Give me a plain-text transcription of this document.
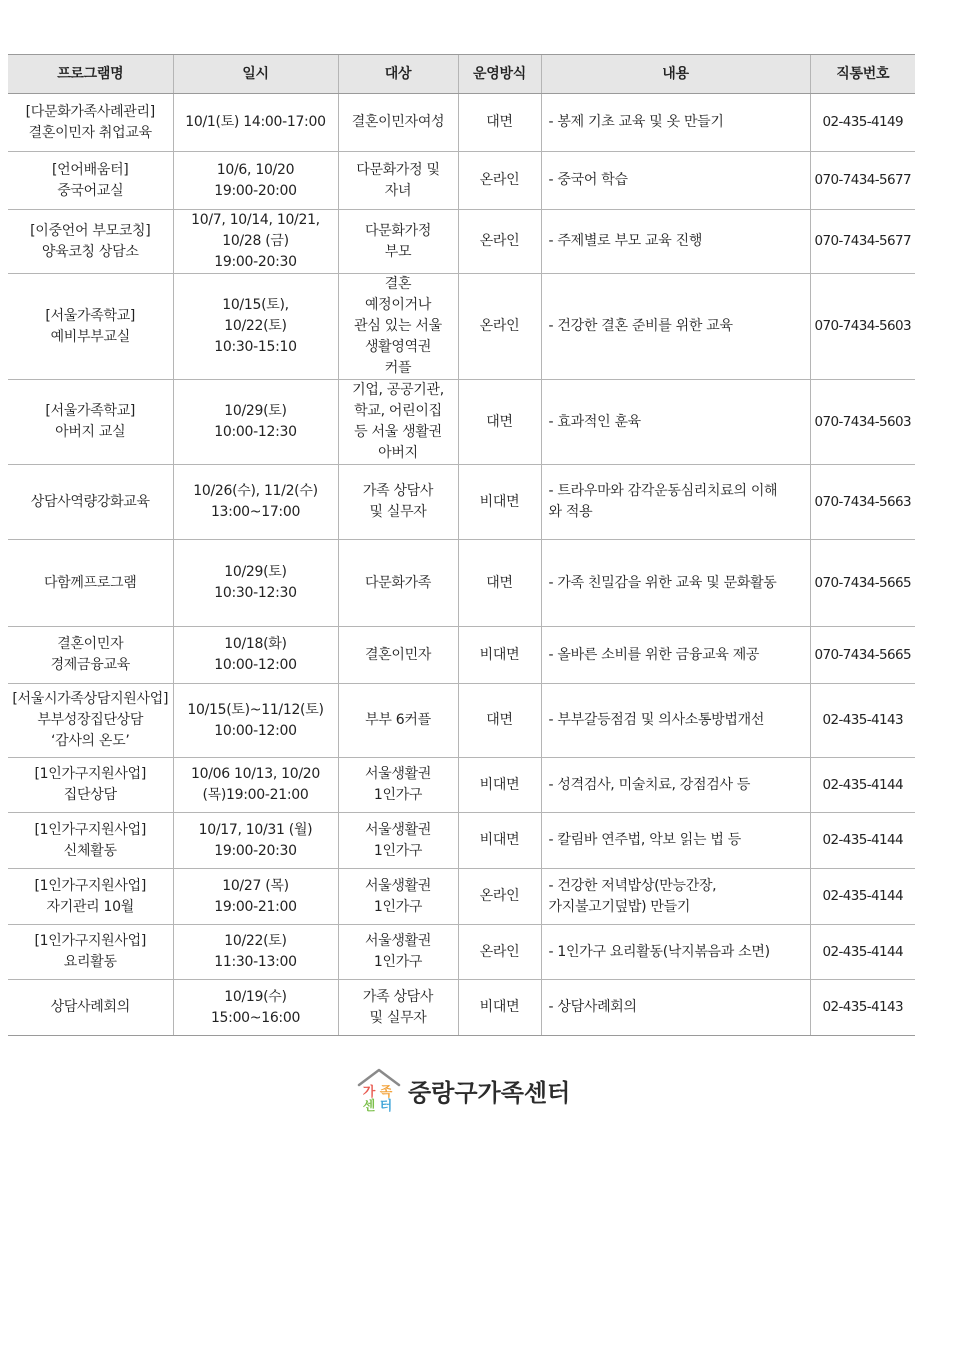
프로그램명	일시	대상	운영방식	내용	직통번호
[다문화가족사례관리]
결혼이민자 취업교육	10/1(토) 14:00-17:00	결혼이민자여성	대면	- 봉제 기초 교육 및 옷 만들기	02-435-4149
[언어배움터]
중국어교실	10/6, 10/20
19:00-20:00	다문화가정 및
자녀	온라인	- 중국어 학습	070-7434-5677
[이중언어 부모코칭]
양육코칭 상담소	10/7, 10/14, 10/21,
10/28 (금)
19:00-20:30	다문화가정
부모	온라인	- 주제별로 부모 교육 진행	070-7434-5677
[서울가족학교]
예비부부교실	10/15(토),
10/22(토)
10:30-15:10	결혼
예정이거나
관심 있는 서울
생활영역권
커플	온라인	- 건강한 결혼 준비를 위한 교육	070-7434-5603
[서울가족학교]
아버지 교실	10/29(토)
10:00-12:30	기업, 공공기관,
학교, 어린이집
등 서울 생활권
아버지	대면	- 효과적인 훈육	070-7434-5603
상담사역량강화교육	10/26(수), 11/2(수)
13:00~17:00	가족 상담사
및 실무자	비대면	- 트라우마와 감각운동심리치료의 이해
와 적용	070-7434-5663
다함께프로그램	10/29(토)
10:30-12:30	다문화가족	대면	- 가족 친밀감을 위한 교육 및 문화활동	070-7434-5665
결혼이민자
경제금융교육	10/18(화)
10:00-12:00	결혼이민자	비대면	- 올바른 소비를 위한 금융교육 제공	070-7434-5665
[서울시가족상담지원사업]
부부성장집단상담
‘감사의 온도’	10/15(토)~11/12(토)
10:00-12:00	부부 6커플	대면	- 부부갈등점검 및 의사소통방법개선	02-435-4143
[1인가구지원사업]
집단상담	10/06 10/13, 10/20
(목)19:00-21:00	서울생활권
1인가구	비대면	- 성격검사, 미술치료, 강점검사 등	02-435-4144
[1인가구지원사업]
신체활동	10/17, 10/31 (월)
19:00-20:30	서울생활권
1인가구	비대면	- 칼림바 연주법, 악보 읽는 법 등	02-435-4144
[1인가구지원사업]
자기관리 10월	10/27 (목)
19:00-21:00	서울생활권
1인가구	온라인	- 건강한 저녁밥상(만능간장,
가지불고기덮밥) 만들기	02-435-4144
[1인가구지원사업]
요리활동	10/22(토)
11:30-13:00	서울생활권
1인가구	온라인	- 1인가구 요리활동(낙지볶음과 소면)	02-435-4144
상담사례회의	10/19(수)
15:00~16:00	가족 상담사
및 실무자	비대면	- 상담사례회의	02-435-4143
가 족
센 터 중랑구가족센터
